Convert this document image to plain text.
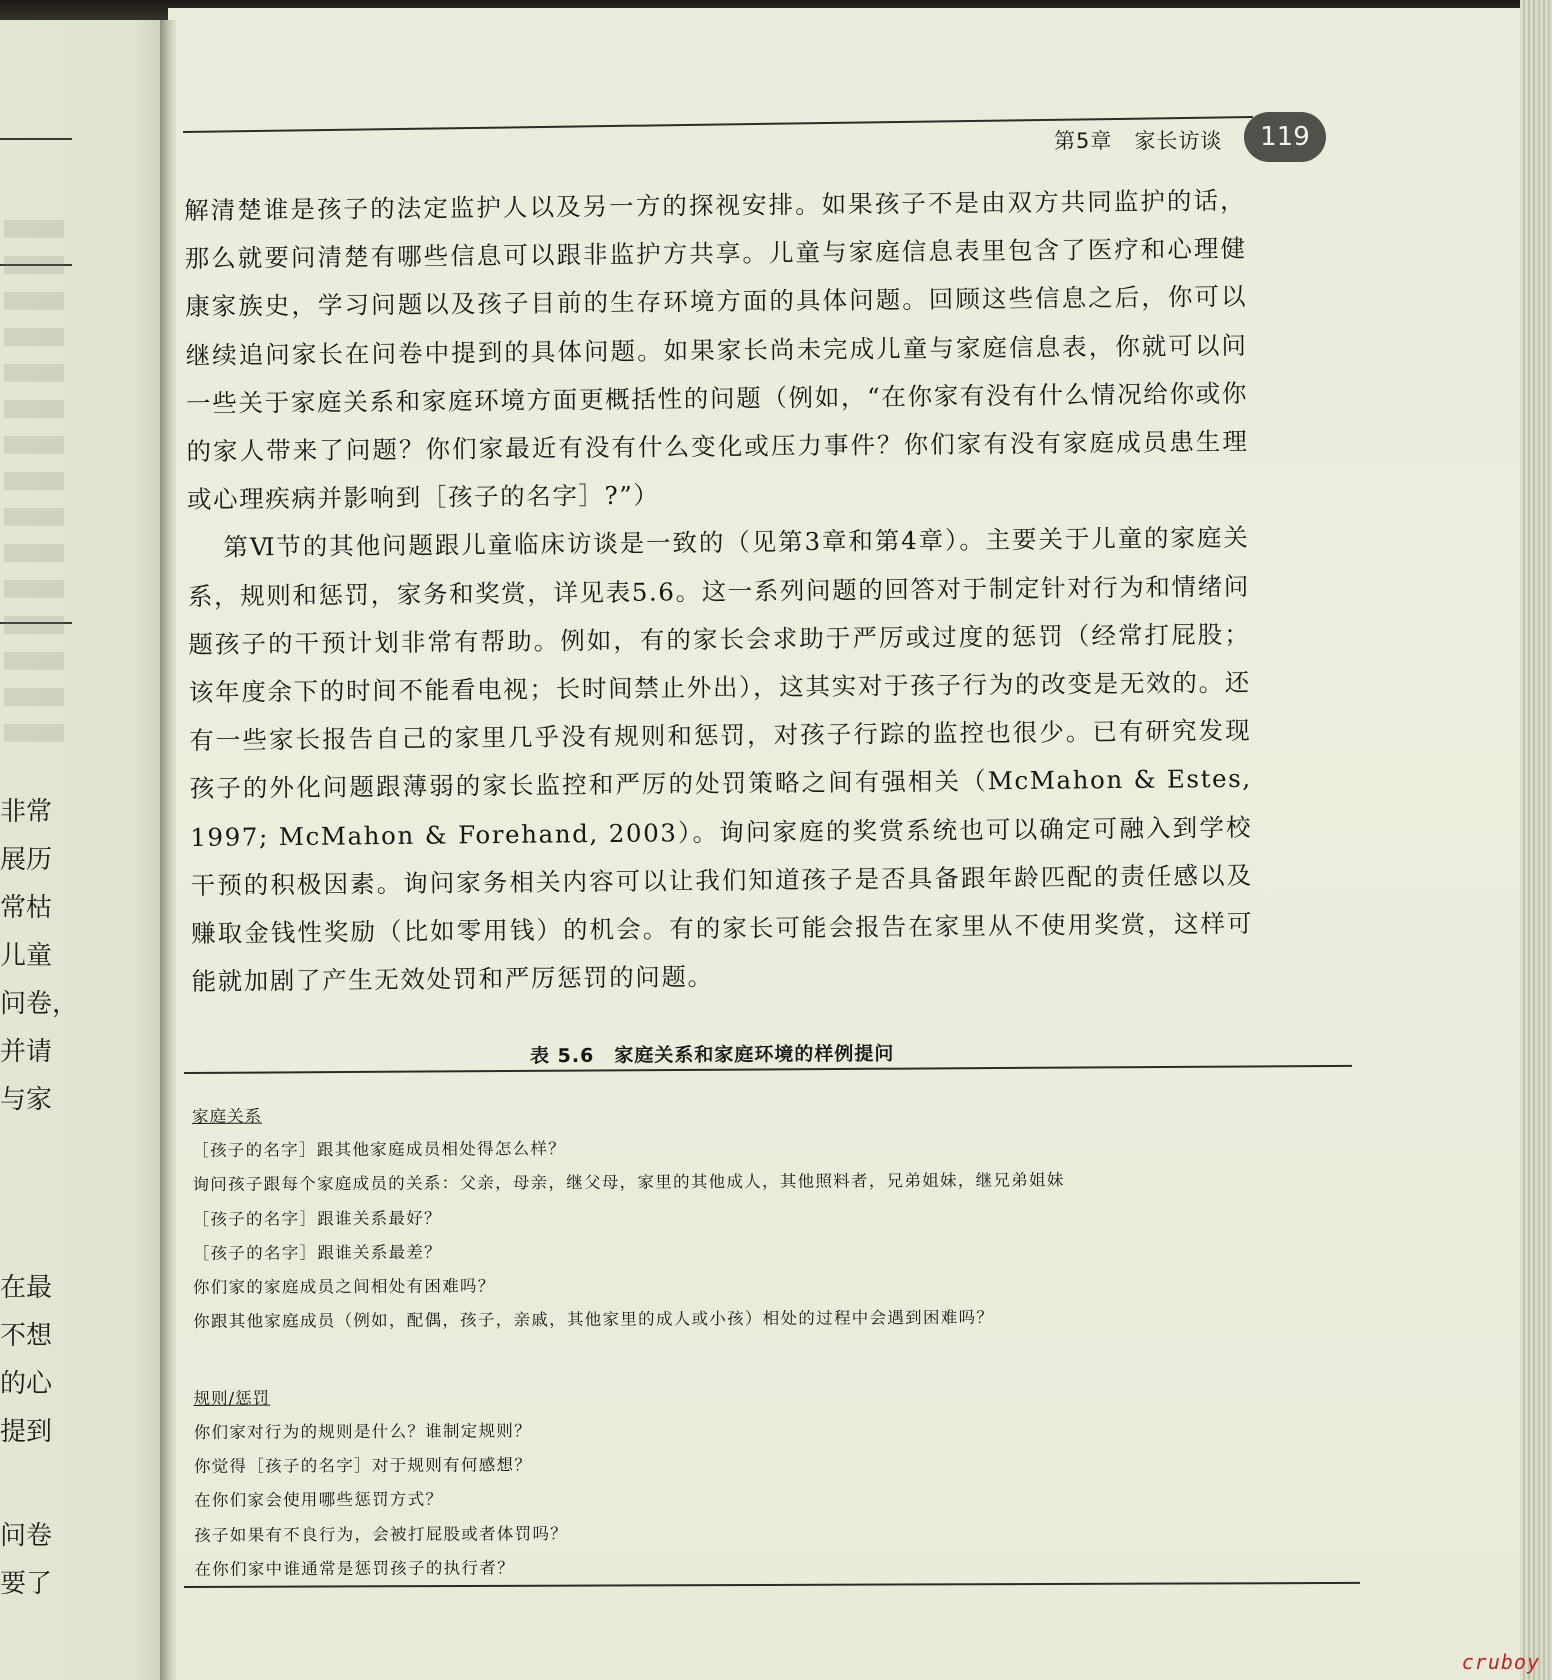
非常
展历
常枯
儿童
问卷，
并请
与家
在最
不想
的心
提到
问卷
要了
第5章　家长访谈	119

解清楚谁是孩子的法定监护人以及另一方的探视安排。如果孩子不是由双方共同监护的话，那么就要问清楚有哪些信息可以跟非监护方共享。儿童与家庭信息表里包含了医疗和心理健康家族史，学习问题以及孩子目前的生存环境方面的具体问题。回顾这些信息之后，你可以继续追问家长在问卷中提到的具体问题。如果家长尚未完成儿童与家庭信息表，你就可以问一些关于家庭关系和家庭环境方面更概括性的问题（例如，“在你家有没有什么情况给你或你的家人带来了问题？你们家最近有没有什么变化或压力事件？你们家有没有家庭成员患生理或心理疾病并影响到［孩子的名字］?”）

第Ⅵ节的其他问题跟儿童临床访谈是一致的（见第3章和第4章）。主要关于儿童的家庭关系，规则和惩罚，家务和奖赏，详见表5.6。这一系列问题的回答对于制定针对行为和情绪问题孩子的干预计划非常有帮助。例如，有的家长会求助于严厉或过度的惩罚（经常打屁股；该年度余下的时间不能看电视；长时间禁止外出），这其实对于孩子行为的改变是无效的。还有一些家长报告自己的家里几乎没有规则和惩罚，对孩子行踪的监控也很少。已有研究发现孩子的外化问题跟薄弱的家长监控和严厉的处罚策略之间有强相关（McMahon & Estes, 1997; McMahon & Forehand, 2003）。询问家庭的奖赏系统也可以确定可融入到学校干预的积极因素。询问家务相关内容可以让我们知道孩子是否具备跟年龄匹配的责任感以及赚取金钱性奖励（比如零用钱）的机会。有的家长可能会报告在家里从不使用奖赏，这样可能就加剧了产生无效处罚和严厉惩罚的问题。

表 5.6　家庭关系和家庭环境的样例提问
家庭关系
［孩子的名字］跟其他家庭成员相处得怎么样？
询问孩子跟每个家庭成员的关系：父亲，母亲，继父母，家里的其他成人，其他照料者，兄弟姐妹，继兄弟姐妹
［孩子的名字］跟谁关系最好？
［孩子的名字］跟谁关系最差？
你们家的家庭成员之间相处有困难吗？
你跟其他家庭成员（例如，配偶，孩子，亲戚，其他家里的成人或小孩）相处的过程中会遇到困难吗？
规则/惩罚
你们家对行为的规则是什么？谁制定规则？
你觉得［孩子的名字］对于规则有何感想？
在你们家会使用哪些惩罚方式？
孩子如果有不良行为，会被打屁股或者体罚吗？
在你们家中谁通常是惩罚孩子的执行者？
cruboy
